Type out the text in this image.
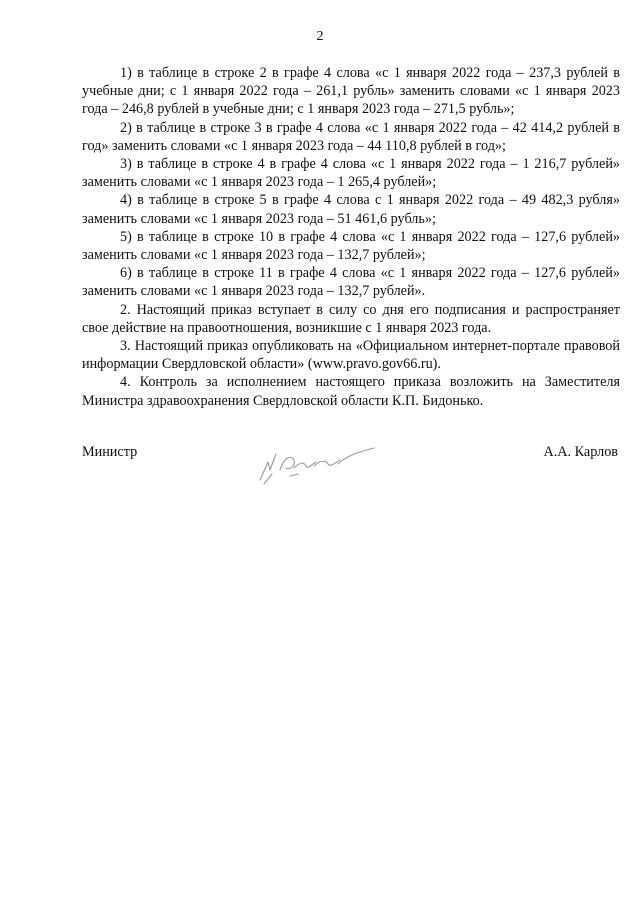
2

1) в таблице в строке 2 в графе 4 слова «с 1 января 2022 года – 237,3 рублей в учебные дни; с 1 января 2022 года – 261,1 рубль» заменить словами «с 1 января 2023 года – 246,8 рублей в учебные дни; с 1 января 2023 года – 271,5 рубль»;

2) в таблице в строке 3 в графе 4 слова «с 1 января 2022 года – 42 414,2 рублей в год» заменить словами «с 1 января 2023 года – 44 110,8 рублей в год»;

3) в таблице в строке 4 в графе 4 слова «с 1 января 2022 года – 1 216,7 рублей» заменить словами «с 1 января 2023 года – 1 265,4 рублей»;

4) в таблице в строке 5 в графе 4 слова с 1 января 2022 года – 49 482,3 рубля» заменить словами «с 1 января 2023 года – 51 461,6 рубль»;

5) в таблице в строке 10 в графе 4 слова «с 1 января 2022 года – 127,6 рублей» заменить словами «с 1 января 2023 года – 132,7 рублей»;

6) в таблице в строке 11 в графе 4 слова «с 1 января 2022 года – 127,6 рублей» заменить словами «с 1 января 2023 года – 132,7 рублей».

2. Настоящий приказ вступает в силу со дня его подписания и распространяет свое действие на правоотношения, возникшие с 1 января 2023 года.

3. Настоящий приказ опубликовать на «Официальном интернет-портале правовой информации Свердловской области» (www.pravo.gov66.ru).

4. Контроль за исполнением настоящего приказа возложить на Заместителя Министра здравоохранения Свердловской области К.П. Бидонько.

Министр	А.А. Карлов
